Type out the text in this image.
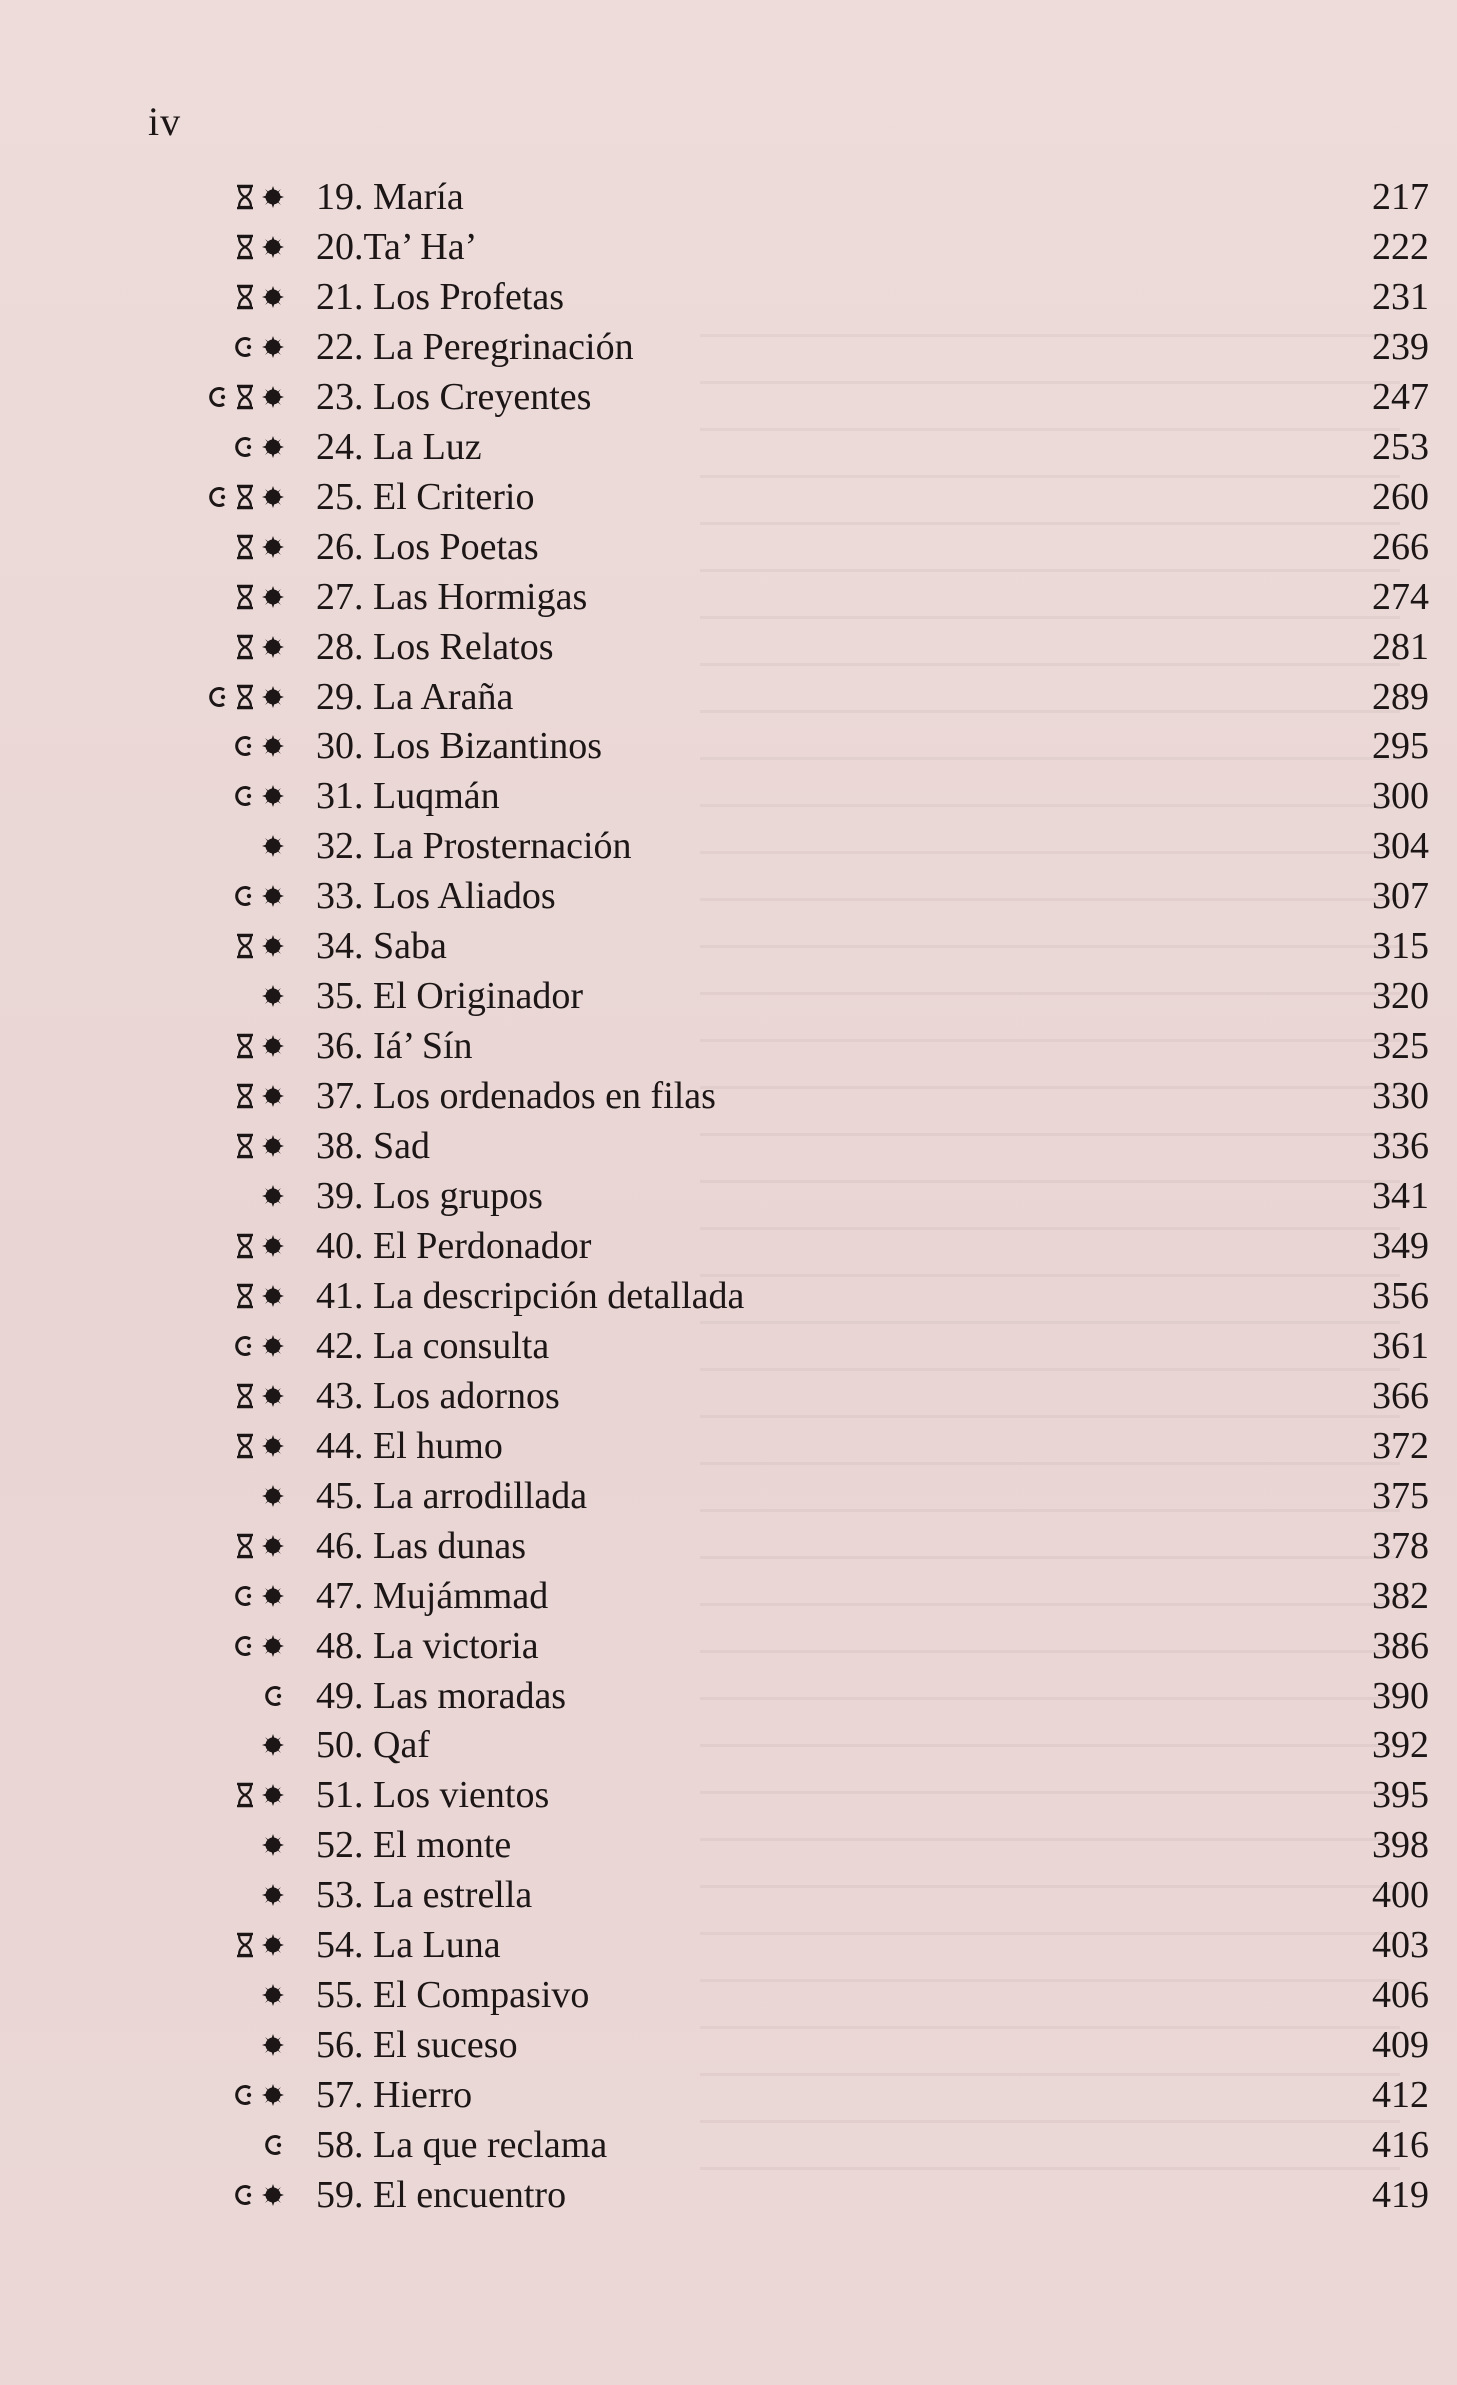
iv
19. María	217
20.Ta’ Ha’	222
21. Los Profetas	231
22. La Peregrinación	239
23. Los Creyentes	247
24. La Luz	253
25. El Criterio	260
26. Los Poetas	266
27. Las Hormigas	274
28. Los Relatos	281
29. La Araña	289
30. Los Bizantinos	295
31. Luqmán	300
32. La Prosternación	304
33. Los Aliados	307
34. Saba	315
35. El Originador	320
36. Iá’ Sín	325
37. Los ordenados en filas	330
38. Sad	336
39. Los grupos	341
40. El Perdonador	349
41. La descripción detallada	356
42. La consulta	361
43. Los adornos	366
44. El humo	372
45. La arrodillada	375
46. Las dunas	378
47. Mujámmad	382
48. La victoria	386
49. Las moradas	390
50. Qaf	392
51. Los vientos	395
52. El monte	398
53. La estrella	400
54. La Luna	403
55. El Compasivo	406
56. El suceso	409
57. Hierro	412
58. La que reclama	416
59. El encuentro	419
